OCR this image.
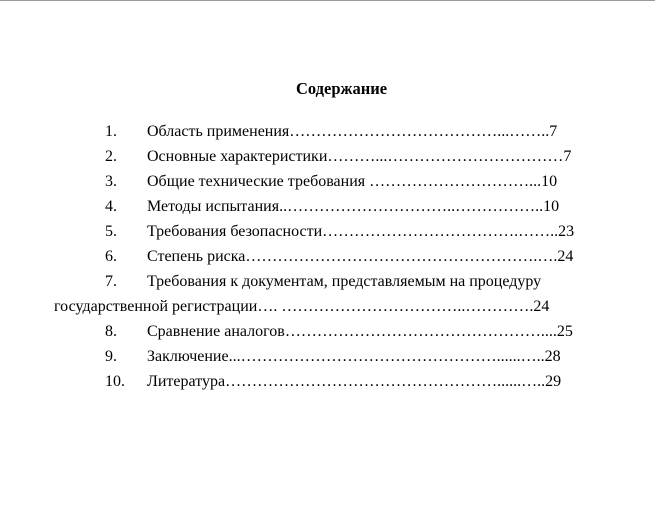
Содержание
1. Область применения…………………………………...……..7
2. Основные характеристики………...……………………………7
3. Общие технические требования …………………………...10
4. Методы испытания..…………………………..……………..10
5. Требования безопасности……………………………….……..23
6. Степень риска……………………………………………….….24
7. Требования к документам, представляемым на процедуру
государственной регистрации…. ……………………………..………….24
8. Сравнение аналогов…………………………………………....25
9. Заключение...…………………………………………......…..28
10. Литература……………………………………………......…..29
